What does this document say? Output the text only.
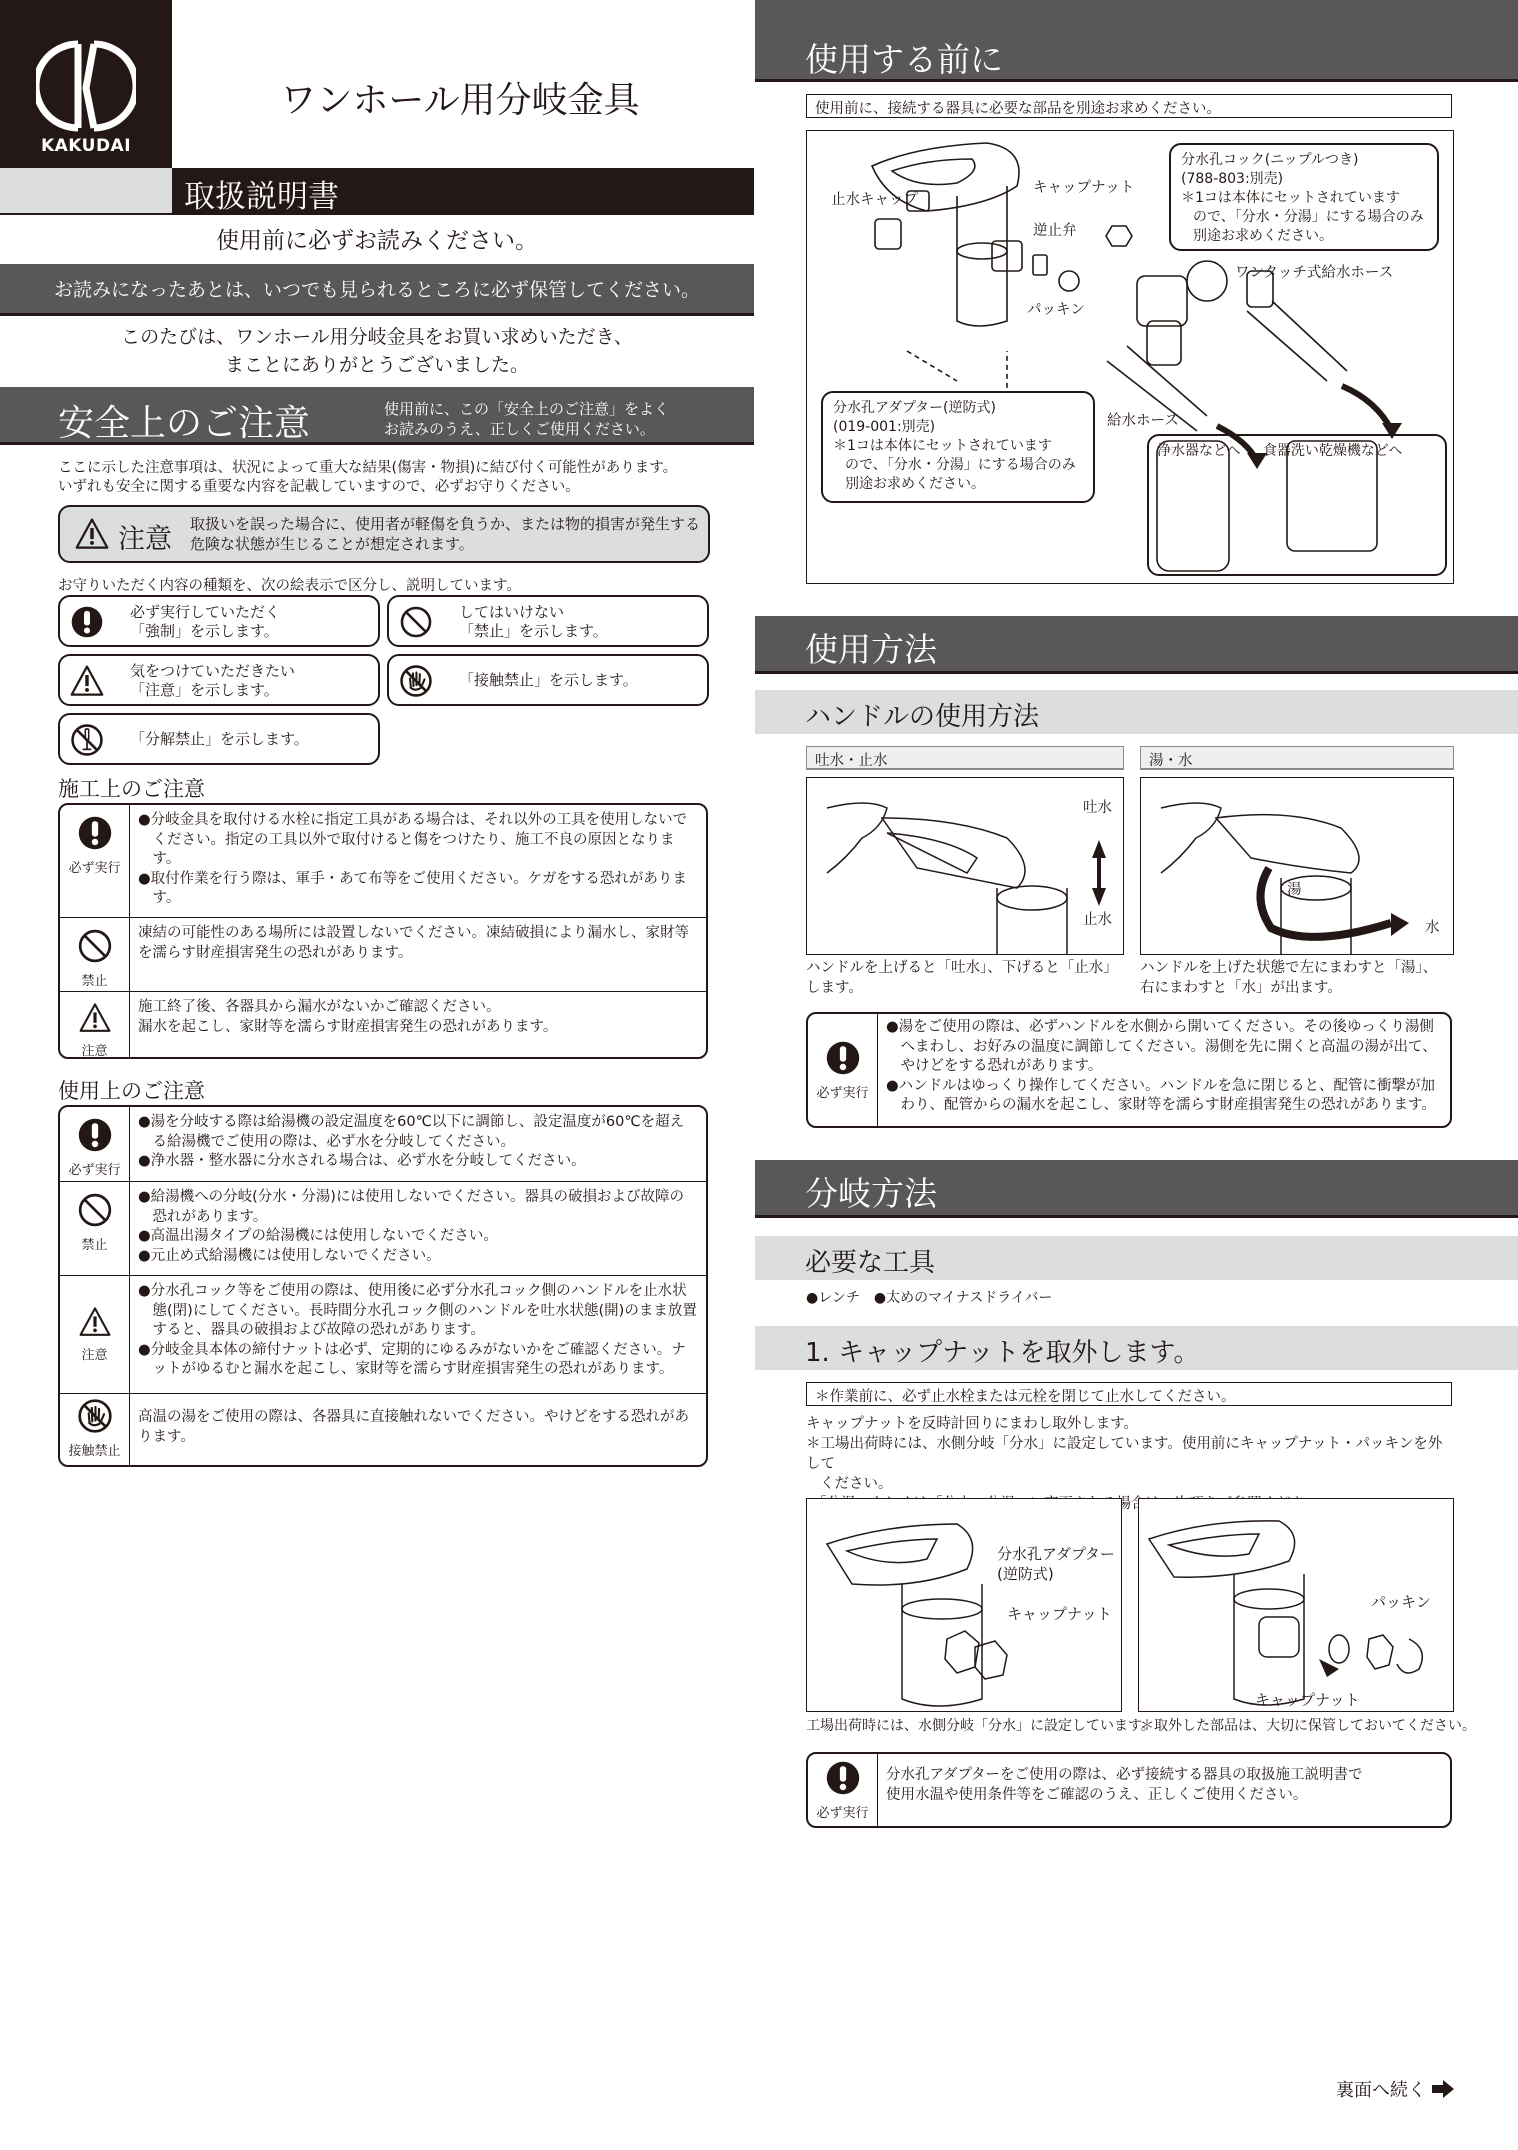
KAKUDAI
ワンホール用分岐金具
取扱説明書
使用前に必ずお読みください。
お読みになったあとは、いつでも見られるところに必ず保管してください。
このたびは、ワンホール用分岐金具をお買い求めいただき、
まことにありがとうございました。
安全上のご注意	使用前に、この「安全上のご注意」をよく
お読みのうえ、正しくご使用ください。
ここに示した注意事項は、状況によって重大な結果(傷害・物損)に結び付く可能性があります。
いずれも安全に関する重要な内容を記載していますので、必ずお守りください。
注意 取扱いを誤った場合に、使用者が軽傷を負うか、または物的損害が発生する
危険な状態が生じることが想定されます。
お守りいただく内容の種類を、次の絵表示で区分し、説明しています。
必ず実行していただく
「強制」を示します。
してはいけない
「禁止」を示します。
気をつけていただきたい
「注意」を示します。
「接触禁止」を示します。
「分解禁止」を示します。
施工上のご注意
必ず実行
●分岐金具を取付ける水栓に指定工具がある場合は、それ以外の工具を使用しないでください。指定の工具以外で取付けると傷をつけたり、施工不良の原因となります。
●取付作業を行う際は、軍手・あて布等をご使用ください。ケガをする恐れがあります。
禁止
凍結の可能性のある場所には設置しないでください。凍結破損により漏水し、家財等を濡らす財産損害発生の恐れがあります。
注意
施工終了後、各器具から漏水がないかご確認ください。
漏水を起こし、家財等を濡らす財産損害発生の恐れがあります。
使用上のご注意
必ず実行
●湯を分岐する際は給湯機の設定温度を60℃以下に調節し、設定温度が60℃を超える給湯機でご使用の際は、必ず水を分岐してください。
●浄水器・整水器に分水される場合は、必ず水を分岐してください。
禁止
●給湯機への分岐(分水・分湯)には使用しないでください。器具の破損および故障の恐れがあります。
●高温出湯タイプの給湯機には使用しないでください。
●元止め式給湯機には使用しないでください。
注意
●分水孔コック等をご使用の際は、使用後に必ず分水孔コック側のハンドルを止水状態(閉)にしてください。長時間分水孔コック側のハンドルを吐水状態(開)のまま放置すると、器具の破損および故障の恐れがあります。
●分岐金具本体の締付ナットは必ず、定期的にゆるみがないかをご確認ください。ナットがゆるむと漏水を起こし、家財等を濡らす財産損害発生の恐れがあります。
接触禁止
高温の湯をご使用の際は、各器具に直接触れないでください。やけどをする恐れがあります。
使用する前に
使用前に、接続する器具に必要な部品を別途お求めください。
止水キャップ
キャップナット
逆止弁
パッキン
ワンタッチ式給水ホース
給水ホース
分水孔コック(ニップルつき)
(788-803:別売)
＊1コは本体にセットされています
ので、「分水・分湯」にする場合のみ
別途お求めください。
分水孔アダプター(逆防式)
(019-001:別売)
＊1コは本体にセットされています
ので、「分水・分湯」にする場合のみ
別途お求めください。
浄水器などへ 食器洗い乾燥機などへ
使用方法
ハンドルの使用方法
吐水・止水	湯・水
吐水
止水
湯
水
ハンドルを上げると「吐水」、下げると「止水」
します。
ハンドルを上げた状態で左にまわすと「湯」、
右にまわすと「水」が出ます。
必ず実行
●湯をご使用の際は、必ずハンドルを水側から開いてください。その後ゆっくり湯側へまわし、お好みの温度に調節してください。湯側を先に開くと高温の湯が出て、やけどをする恐れがあります。
●ハンドルはゆっくり操作してください。ハンドルを急に閉じると、配管に衝撃が加わり、配管からの漏水を起こし、家財等を濡らす財産損害発生の恐れがあります。
分岐方法
必要な工具
●レンチ　●太めのマイナスドライバー
1. キャップナットを取外します。
＊作業前に、必ず止水栓または元栓を閉じて止水してください。
キャップナットを反時計回りにまわし取外します。
＊工場出荷時には、水側分岐「分水」に設定しています。使用前にキャップナット・パッキンを外して
ください。
分水孔アダプター
(逆防式)
キャップナット
パッキン
キャップナット
工場出荷時には、水側分岐「分水」に設定しています。
＊取外した部品は、大切に保管しておいてください。
必ず実行
分水孔アダプターをご使用の際は、必ず接続する器具の取扱施工説明書で
使用水温や使用条件等をご確認のうえ、正しくご使用ください。
裏面へ続く
